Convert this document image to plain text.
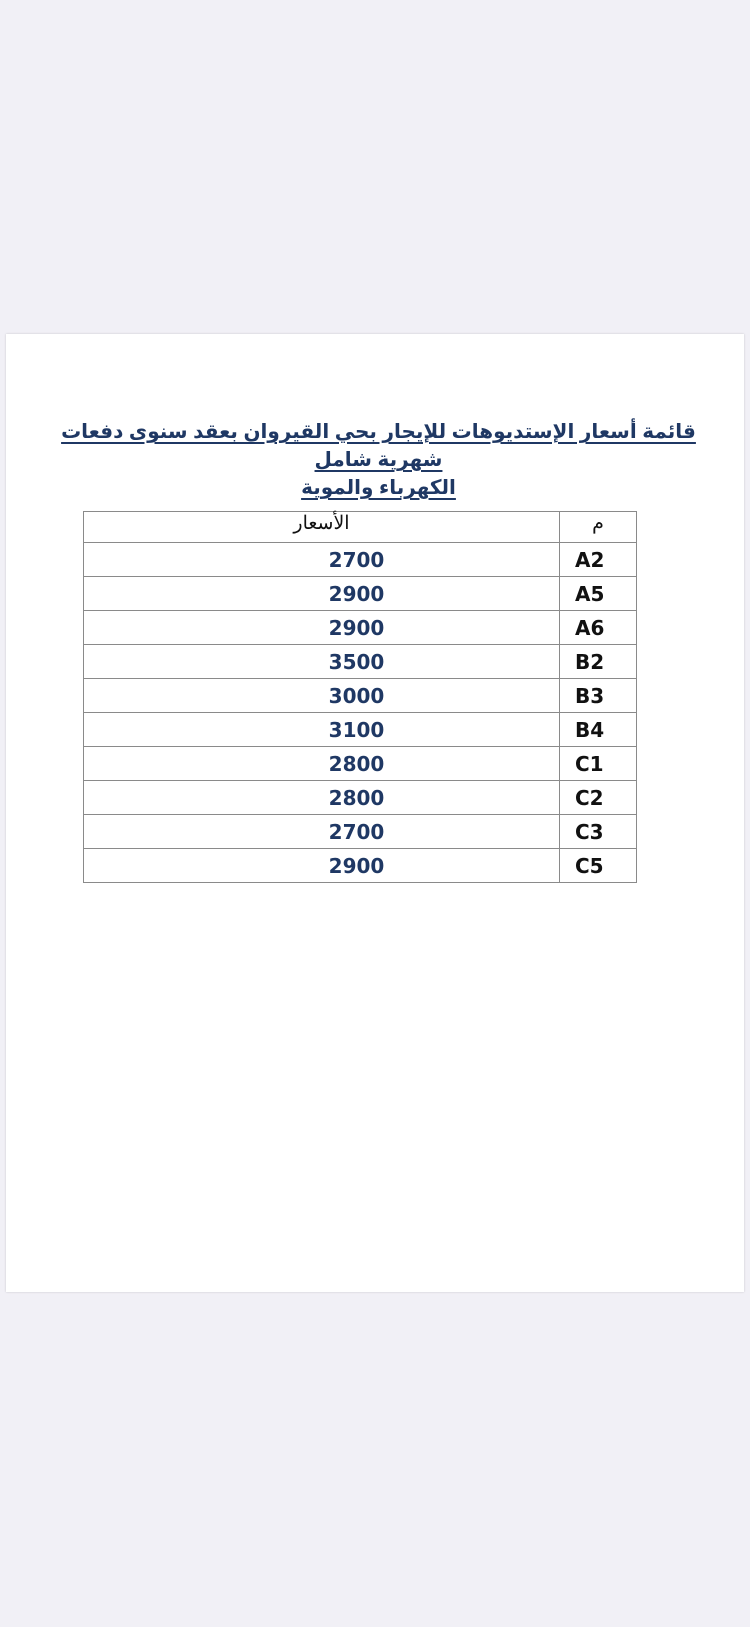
قائمة أسعار الإستديوهات للإيجار بحي القيروان بعقد سنوى دفعات شهرية شامل
الكهرباء والموية
م	الأسعار
A2	2700
A5	2900
A6	2900
B2	3500
B3	3000
B4	3100
C1	2800
C2	2800
C3	2700
C5	2900
